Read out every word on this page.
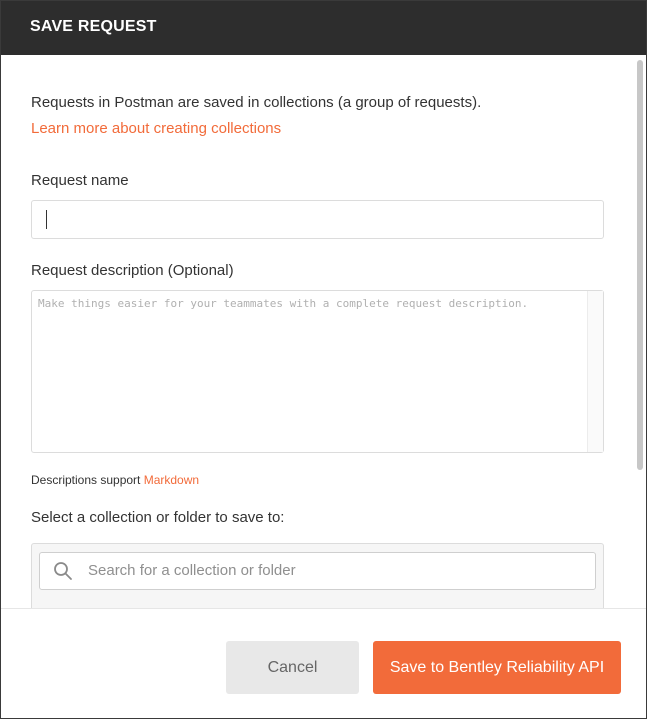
SAVE REQUEST
Requests in Postman are saved in collections (a group of requests).
Learn more about creating collections
Request name
Request description (Optional)
Make things easier for your teammates with a complete request description.
Descriptions support Markdown
Select a collection or folder to save to:
Search for a collection or folder
Cancel	Save to Bentley Reliability API
